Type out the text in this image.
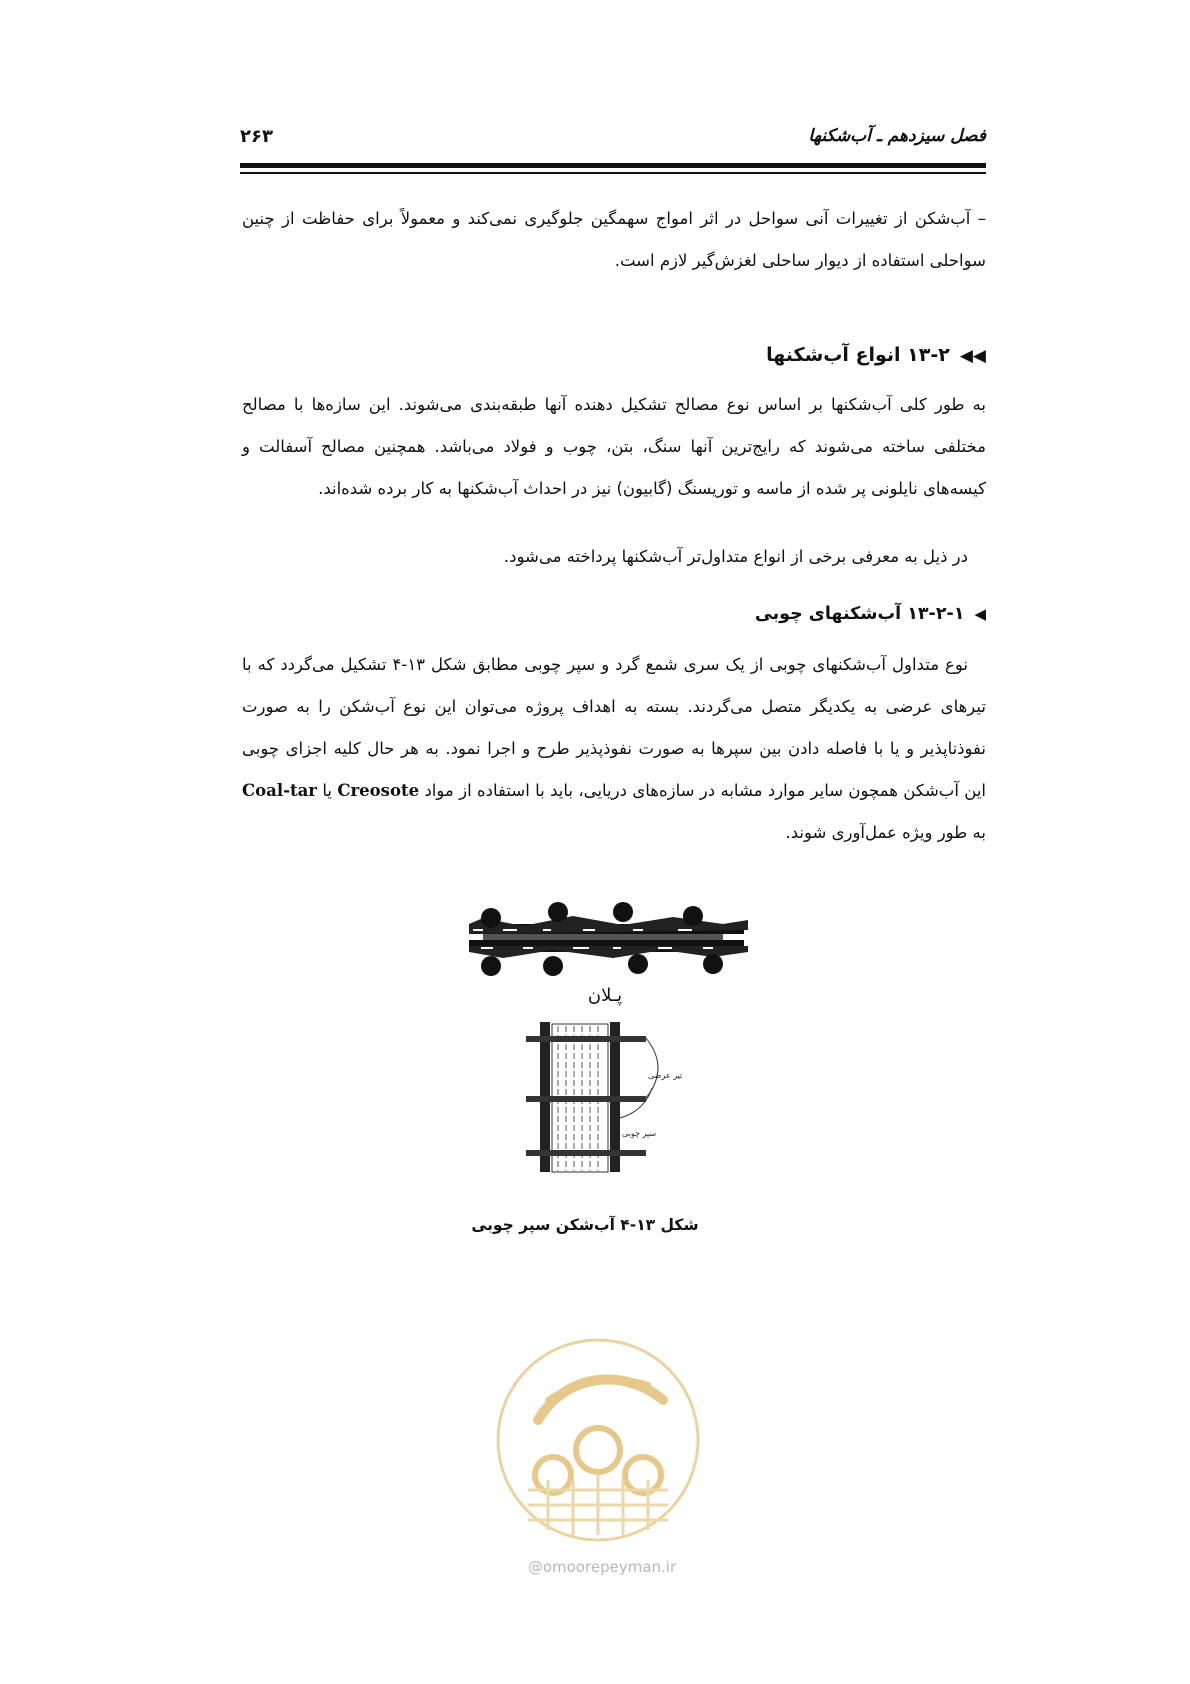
فصل سیزدهم ـ آب‌شکنها
۲۶۳

– آب‌شکن از تغییرات آنی سواحل در اثر امواج سهمگین جلوگیری نمی‌کند و معمولاً برای حفاظت از چنین سواحلی استفاده از دیوار ساحلی لغزش‌گیر لازم است.

◀◀۱۳-۲ انواع آب‌شکنها

به طور کلی آب‌شکنها بر اساس نوع مصالح تشکیل دهنده آنها طبقه‌بندی می‌شوند. این سازه‌ها با مصالح مختلفی ساخته می‌شوند که رایج‌ترین آنها سنگ، بتن، چوب و فولاد می‌باشد. همچنین مصالح آسفالت و کیسه‌های نایلونی پر شده از ماسه و توریسنگ (گابیون) نیز در احداث آب‌شکنها به کار برده شده‌اند.

در ذیل به معرفی برخی از انواع متداول‌تر آب‌شکنها پرداخته می‌شود.

◀۱۳-۲-۱ آب‌شکنهای چوبی

نوع متداول آب‌شکنهای چوبی از یک سری شمع گرد و سپر چوبی مطابق شکل ۱۳-۴ تشکیل می‌گردد که با تیرهای عرضی به یکدیگر متصل می‌گردند. بسته به اهداف پروژه می‌توان این نوع آب‌شکن را به صورت نفوذناپذیر و یا با فاصله دادن بین سپرها به صورت نفوذپذیر طرح و اجرا نمود. به هر حال کلیه اجزای چوبی این آب‌شکن همچون سایر موارد مشابه در سازه‌های دریایی، باید با استفاده از مواد Creosote یا Coal-tar به طور ویژه عمل‌آوری شوند.

پـلان
تیر عرضی
سپر چوبی
شکل ۱۳-۴ آب‌شکن سپر چوبی
@omoorepeyman.ir
